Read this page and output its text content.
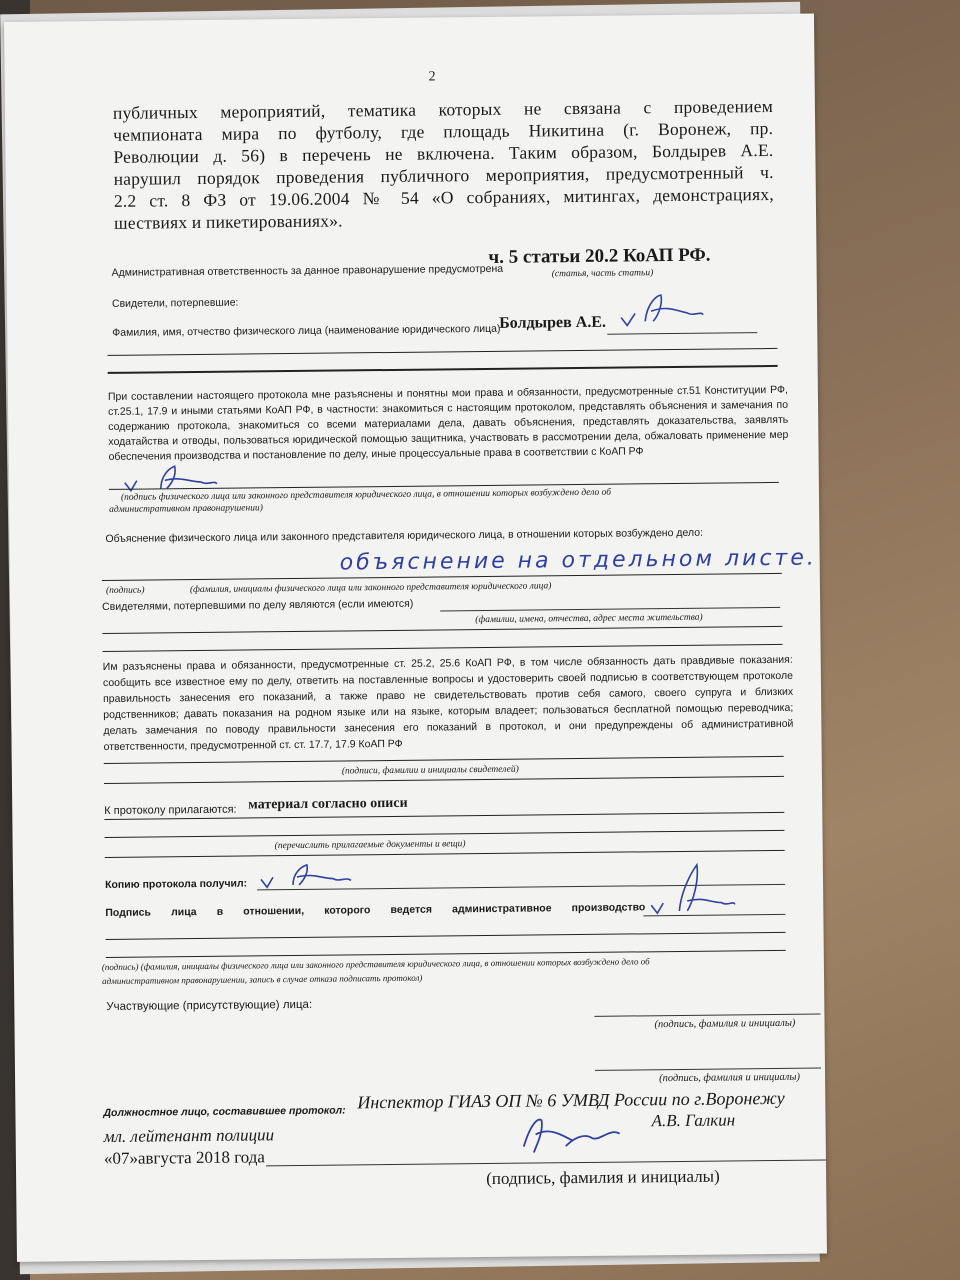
2
публичных мероприятий, тематика которых не связана с проведением
чемпионата мира по футболу, где площадь Никитина (г. Воронеж, пр.
Революции д. 56) в перечень не включена. Таким образом, Болдырев А.Е.
нарушил порядок проведения публичного мероприятия, предусмотренный ч.
2.2 ст. 8 ФЗ от 19.06.2004 № 54 «О собраниях, митингах, демонстрациях,
шествиях и пикетированиях».
Административная ответственность за данное правонарушение предусмотрена
ч. 5 статьи 20.2 КоАП РФ.
(статья, часть статьи)
Свидетели, потерпевшие:
Фамилия, имя, отчество физического лица (наименование юридического лица)
Болдырев А.Е.
При составлении настоящего протокола мне разъяснены и понятны мои права и обязанности, предусмотренные ст.51 Конституции РФ,
ст.25.1, 17.9 и иными статьями КоАП РФ, в частности: знакомиться с настоящим протоколом, представлять объяснения и замечания по
содержанию протокола, знакомиться со всеми материалами дела, давать объяснения, представлять доказательства, заявлять
ходатайства и отводы, пользоваться юридической помощью защитника, участвовать в рассмотрении дела, обжаловать применение мер
обеспечения производства и постановление по делу, иные процессуальные права в соответствии с КоАП РФ
(подпись физического лица или законного представителя юридического лица, в отношении которых возбуждено дело об
административном правонарушении)
Объяснение физического лица или законного представителя юридического лица, в отношении которых возбуждено дело:
объяснение на отдельном листе.
(подпись)	(фамилия, инициалы физического лица или законного представителя юридического лица)
Свидетелями, потерпевшими по делу являются (если имеются)
(фамилии, имена, отчества, адрес места жительства)
Им разъяснены права и обязанности, предусмотренные ст. 25.2, 25.6 КоАП РФ, в том числе обязанность дать правдивые показания:
сообщить все известное ему по делу, ответить на поставленные вопросы и удостоверить своей подписью в соответствующем протоколе
правильность занесения его показаний, а также право не свидетельствовать против себя самого, своего супруга и близких
родственников; давать показания на родном языке или на языке, которым владеет; пользоваться бесплатной помощью переводчика;
делать замечания по поводу правильности занесения его показаний в протокол, и они предупреждены об административной
ответственности, предусмотренной ст. ст. 17.7, 17.9 КоАП РФ
(подписи, фамилии и инициалы свидетелей)
К протоколу прилагаются: материал согласно описи
(перечислить прилагаемые документы и вещи)
Копию протокола получил:
Подпись лица в отношении, которого ведется административное производство
(подпись) (фамилия, инициалы физического лица или законного представителя юридического лица, в отношении которых возбуждено дело об
административном правонарушении, запись в случае отказа подписать протокол)
Участвующие (присутствующие) лица:
(подпись, фамилия и инициалы)
(подпись, фамилия и инициалы)
Должностное лицо, составившее протокол: Инспектор ГИАЗ ОП № 6 УМВД России по г.Воронежу
мл. лейтенант полиции
А.В. Галкин
«07»августа 2018 года
(подпись, фамилия и инициалы)
